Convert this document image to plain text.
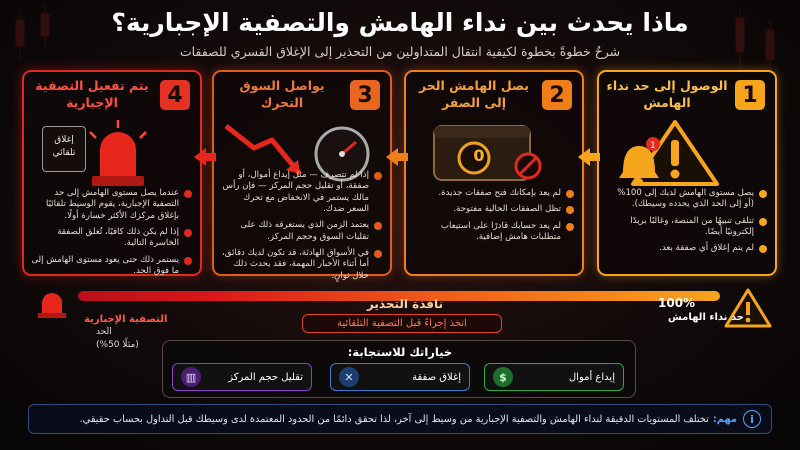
ماذا يحدث بين نداء الهامش والتصفية الإجبارية؟
شرحٌ خطوةً بخطوة لكيفية انتقال المتداولين من التحذير إلى الإغلاق القسري للصفقات
1
الوصول إلى حد نداء الهامش
1
يصل مستوى الهامش لديك إلى 100%‏ (أو إلى الحد الذي يحدده وسيطك).
تتلقى تنبيهًا من المنصة، وغالبًا بريدًا إلكترونيًا أيضًا.
لم يتم إغلاق أي صفقة بعد.
2
يصل الهامش الحر إلى الصفر
0
لم يعد بإمكانك فتح صفقات جديدة.
تظل الصفقات الحالية مفتوحة.
لم يعد حسابك قادرًا على استيعاب متطلبات هامش إضافية.
3
يواصل السوق التحرك
إذا لم تتصرف — مثل إيداع أموال، أو صفقة، أو تقليل حجم المركز — فإن رأس مالك يستمر في الانخفاض مع تحرك السعر ضدك.
يعتمد الزمن الذي يستغرقه ذلك على تقلبات السوق وحجم المركز.
في الأسواق الهادئة، قد تكون لديك دقائق، أما أثناء الأخبار المهمة، فقد يحدث ذلك خلال ثوانٍ.
4
يتم تفعيل التصفية الإجبارية
إغلاق تلقائي
عندما يصل مستوى الهامش إلى حد التصفية الإجبارية، يقوم الوسيط تلقائيًا بإغلاق مركزك الأكثر خسارة أولًا.
إذا لم يكن ذلك كافيًا، تُغلق الصفقة الخاسرة التالية.
يستمر ذلك حتى يعود مستوى الهامش إلى ما فوق الحد.
100%
نافذة التحذير
حد نداء الهامش
التصفية الإجبارية
الحد
(مثلًا 50%)
اتخذ إجراءً قبل التصفية التلقائية
خياراتك للاستجابة:
إيداع أموال
$
إغلاق صفقة
✕
تقليل حجم المركز
▥
i
مهم:
تختلف المستويات الدقيقة لنداء الهامش والتصفية الإجبارية من وسيط إلى آخر، لذا تحقق دائمًا من الحدود المعتمدة لدى وسيطك قبل التداول بحساب حقيقي.
